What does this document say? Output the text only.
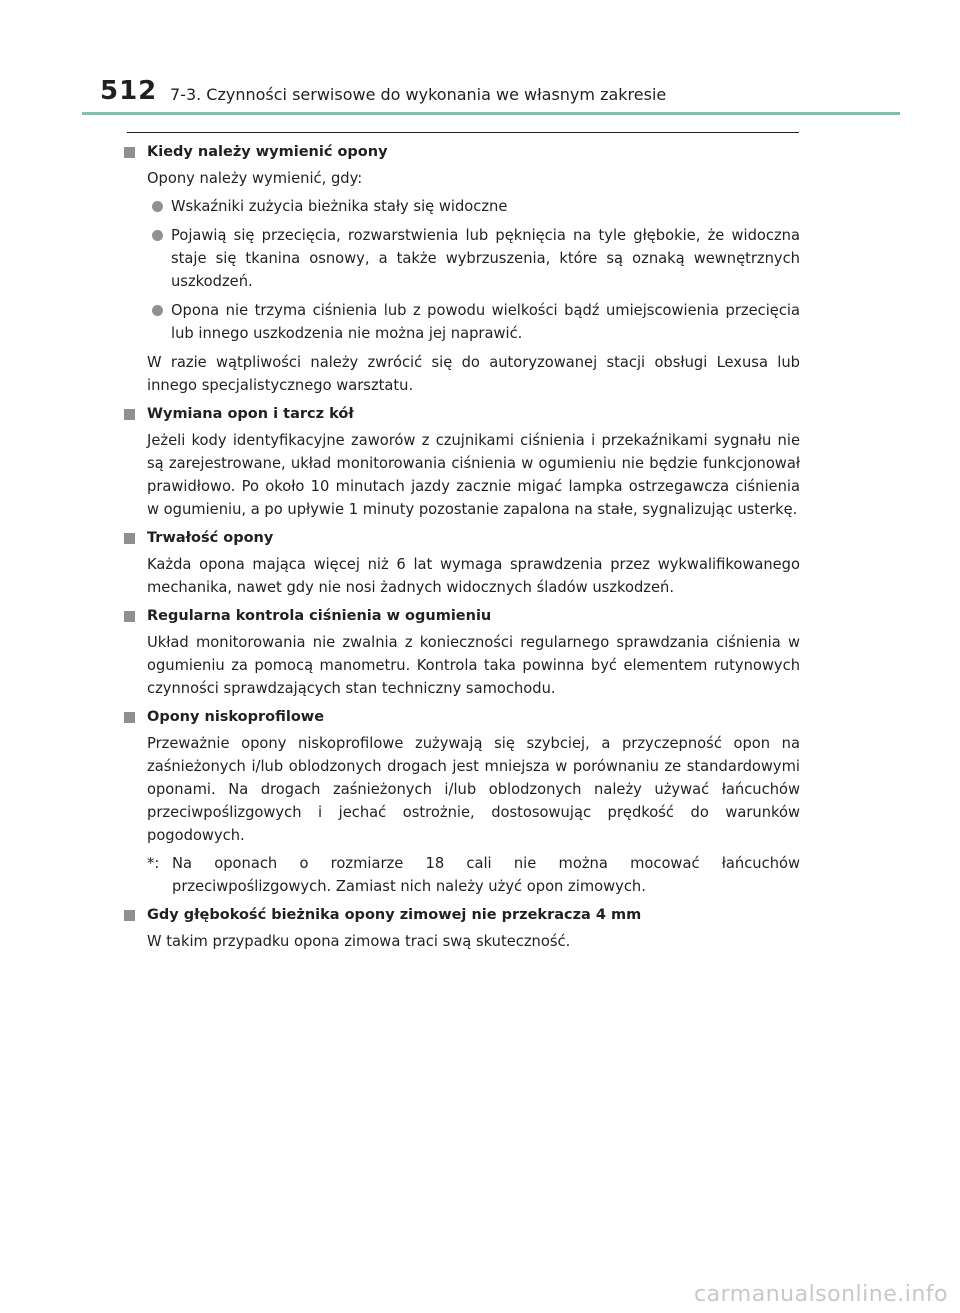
512 7-3. Czynności serwisowe do wykonania we własnym zakresie
Kiedy należy wymienić opony
Opony należy wymienić, gdy:
Wskaźniki zużycia bieżnika stały się widoczne
Pojawią się przecięcia, rozwarstwienia lub pęknięcia na tyle głębokie, że widoczna staje się tkanina osnowy, a także wybrzuszenia, które są oznaką wewnętrznych uszkodzeń.
Opona nie trzyma ciśnienia lub z powodu wielkości bądź umiejscowienia przecięcia lub innego uszkodzenia nie można jej naprawić.
W razie wątpliwości należy zwrócić się do autoryzowanej stacji obsługi Lexusa lub innego specjalistycznego warsztatu.
Wymiana opon i tarcz kół
Jeżeli kody identyfikacyjne zaworów z czujnikami ciśnienia i przekaźnikami sygnału nie są zarejestrowane, układ monitorowania ciśnienia w ogumieniu nie będzie funkcjonował prawidłowo. Po około 10 minutach jazdy zacznie migać lampka ostrzegawcza ciśnienia w ogumieniu, a po upływie 1 minuty pozostanie zapalona na stałe, sygnalizując usterkę.
Trwałość opony
Każda opona mająca więcej niż 6 lat wymaga sprawdzenia przez wykwalifikowanego mechanika, nawet gdy nie nosi żadnych widocznych śladów uszkodzeń.
Regularna kontrola ciśnienia w ogumieniu
Układ monitorowania nie zwalnia z konieczności regularnego sprawdzania ciśnienia w ogumieniu za pomocą manometru. Kontrola taka powinna być elementem rutynowych czynności sprawdzających stan techniczny samochodu.
Opony niskoprofilowe
Przeważnie opony niskoprofilowe zużywają się szybciej, a przyczepność opon na zaśnieżonych i/lub oblodzonych drogach jest mniejsza w porównaniu ze standardowymi oponami. Na drogach zaśnieżonych i/lub oblodzonych należy używać łańcuchów przeciwpoślizgowych i jechać ostrożnie, dostosowując prędkość do warunków pogodowych.
*: Na oponach o rozmiarze 18 cali nie można mocować łańcuchów przeciwpoślizgowych. Zamiast nich należy użyć opon zimowych.
Gdy głębokość bieżnika opony zimowej nie przekracza 4 mm
W takim przypadku opona zimowa traci swą skuteczność.
carmanualsonline.info
